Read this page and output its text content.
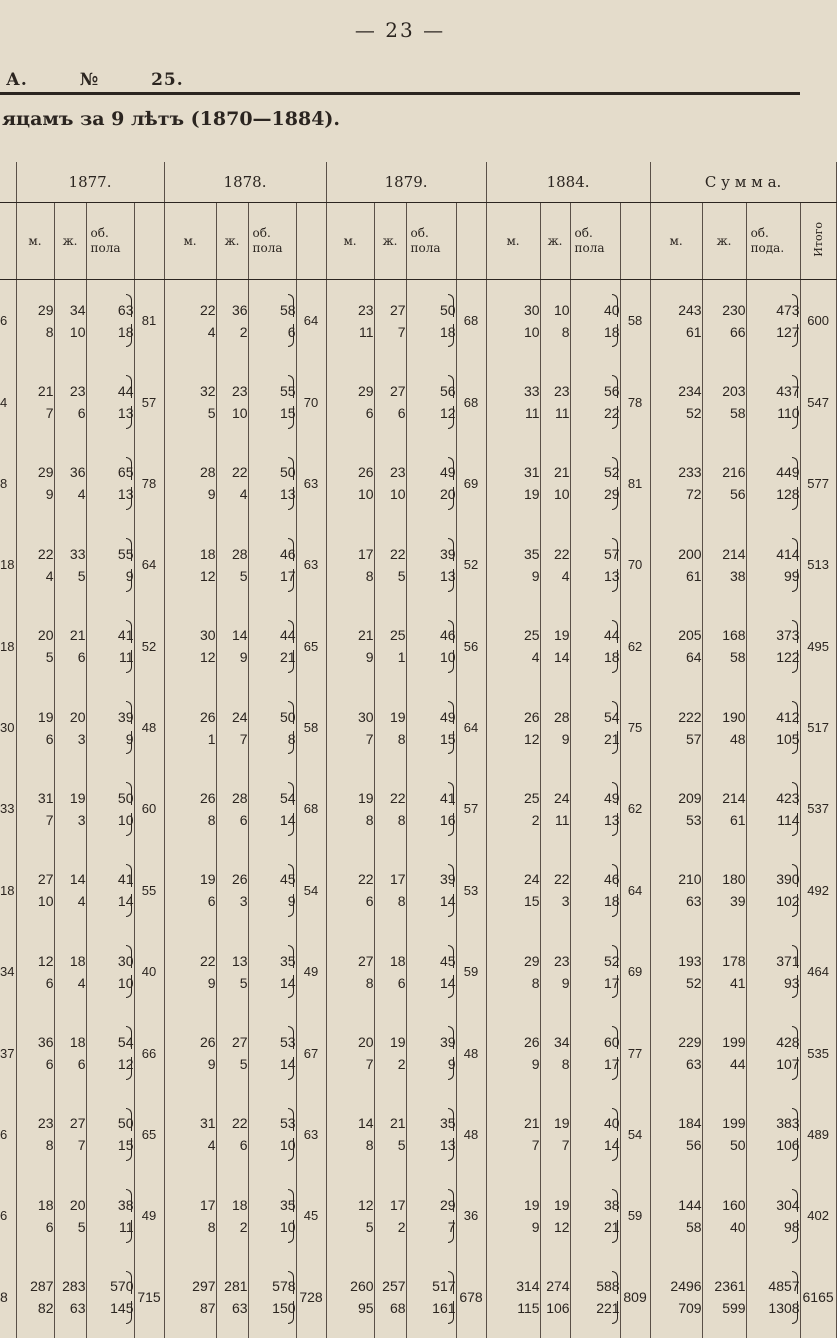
— 23 —
А.	№	25.
яцамъ за 9 лѣтъ (1870—1884).
	1877.				1878.				1879.				1884.				С у м м а.			
	м.	ж.	об. пола		м.	ж.	об. пола		м.	ж.	об. пола		м.	ж.	об. пола		м.	ж.	об. пода.	Итого
6	29	34	63	81	22	36	58	64	23	27	50	68	30	10	40	58	243	230	473	600
	8	10	18		4	2	6		11	7	18		10	8	18		61	66	127	
4	21	23	44	57	32	23	55	70	29	27	56	68	33	23	56	78	234	203	437	547
	7	6	13		5	10	15		6	6	12		11	11	22		52	58	110	
8	29	36	65	78	28	22	50	63	26	23	49	69	31	21	52	81	233	216	449	577
	9	4	13		9	4	13		10	10	20		19	10	29		72	56	128	
18	22	33	55	64	18	28	46	63	17	22	39	52	35	22	57	70	200	214	414	513
	4	5	9		12	5	17		8	5	13		9	4	13		61	38	99	
18	20	21	41	52	30	14	44	65	21	25	46	56	25	19	44	62	205	168	373	495
	5	6	11		12	9	21		9	1	10		4	14	18		64	58	122	
30	19	20	39	48	26	24	50	58	30	19	49	64	26	28	54	75	222	190	412	517
	6	3	9		1	7	8		7	8	15		12	9	21		57	48	105	
33	31	19	50	60	26	28	54	68	19	22	41	57	25	24	49	62	209	214	423	537
	7	3	10		8	6	14		8	8	16		2	11	13		53	61	114	
18	27	14	41	55	19	26	45	54	22	17	39	53	24	22	46	64	210	180	390	492
	10	4	14		6	3	9		6	8	14		15	3	18		63	39	102	
34	12	18	30	40	22	13	35	49	27	18	45	59	29	23	52	69	193	178	371	464
	6	4	10		9	5	14		8	6	14		8	9	17		52	41	93	
37	36	18	54	66	26	27	53	67	20	19	39	48	26	34	60	77	229	199	428	535
	6	6	12		9	5	14		7	2	9		9	8	17		63	44	107	
6	23	27	50	65	31	22	53	63	14	21	35	48	21	19	40	54	184	199	383	489
	8	7	15		4	6	10		8	5	13		7	7	14		56	50	106	
6	18	20	38	49	17	18	35	45	12	17	29	36	19	19	38	59	144	160	304	402
	6	5	11		8	2	10		5	2	7		9	12	21		58	40	98	
8	287	283	570	715	297	281	578	728	260	257	517	678	314	274	588	809	2496	2361	4857	6165
	82	63	145		87	63	150		95	68	161		115	106	221		709	599	1308	
